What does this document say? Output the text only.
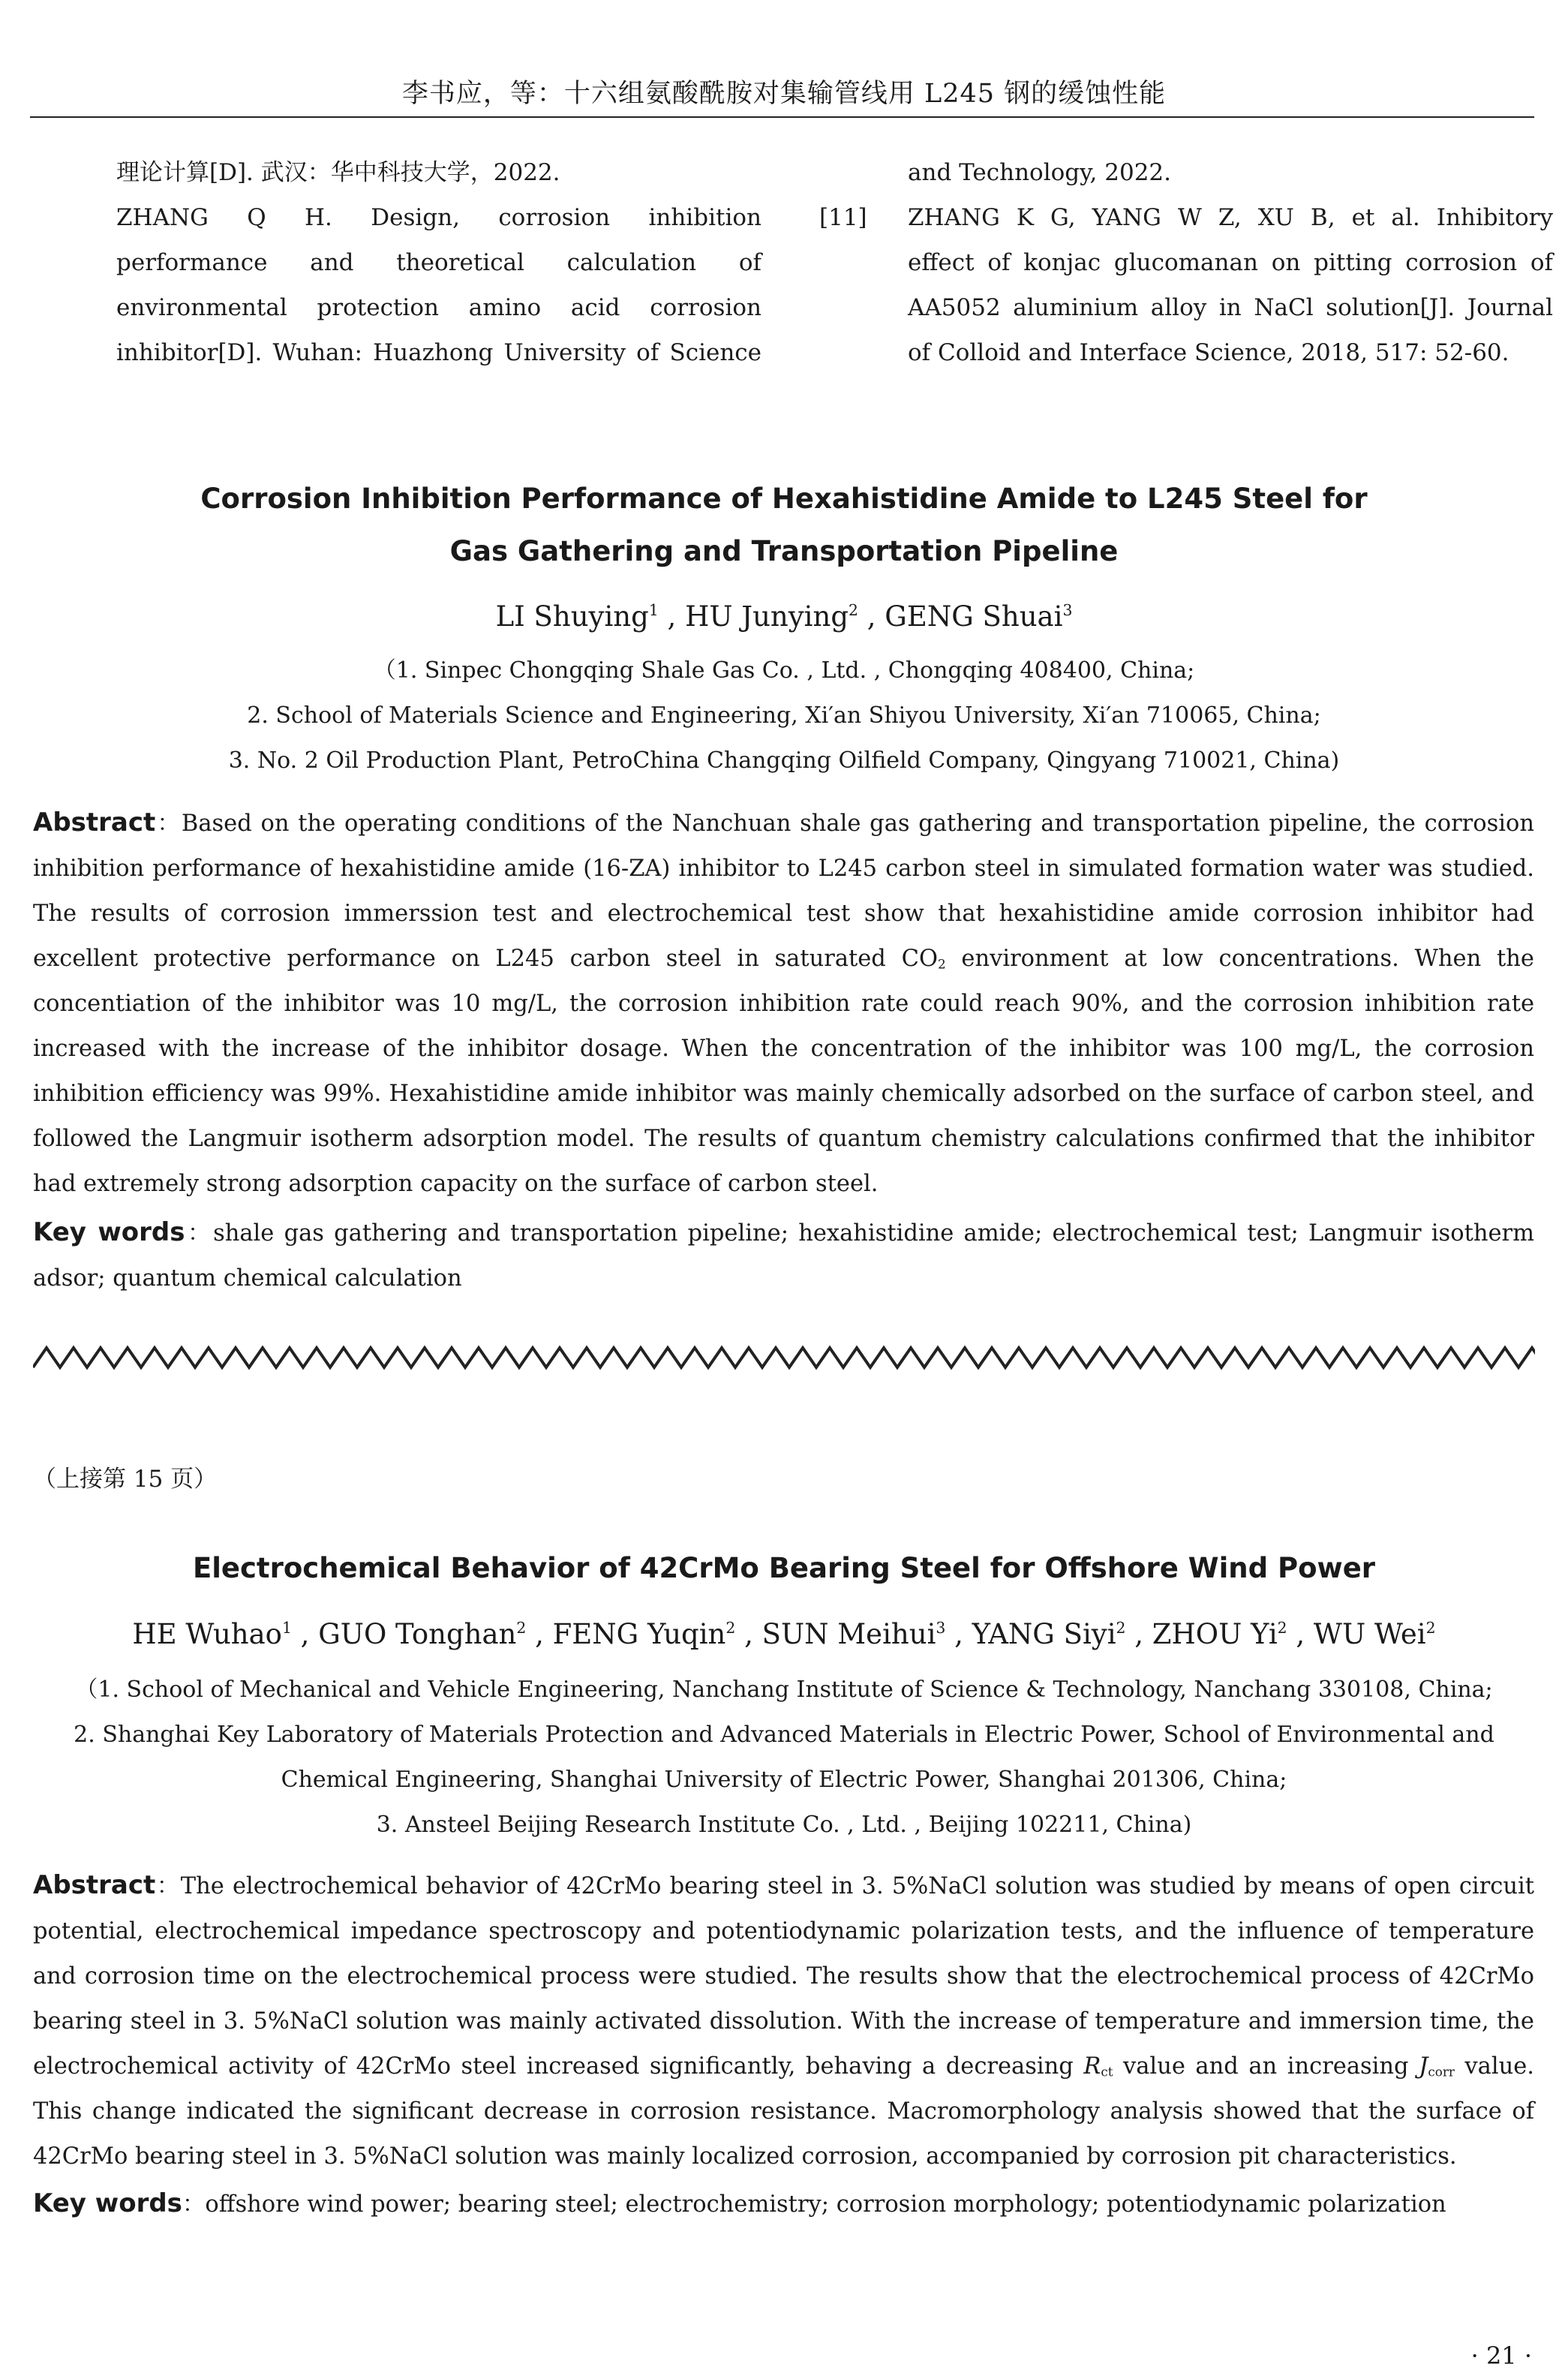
李书应，等：十六组氨酸酰胺对集输管线用 L245 钢的缓蚀性能
理论计算[D]. 武汉：华中科技大学，2022.
ZHANG Q H. Design, corrosion inhibition
performance and theoretical calculation of
environmental protection amino acid corrosion
inhibitor[D]. Wuhan: Huazhong University of Science
and Technology, 2022.
ZHANG K G, YANG W Z, XU B, et al. Inhibitory
effect of konjac glucomanan on pitting corrosion of
AA5052 aluminium alloy in NaCl solution[J]. Journal
of Colloid and Interface Science, 2018, 517: 52-60.
[11]
Corrosion Inhibition Performance of Hexahistidine Amide to L245 Steel for
Gas Gathering and Transportation Pipeline
LI Shuying$^1$ , HU Junying$^2$ , GENG Shuai$^3$
（1. Sinpec Chongqing Shale Gas Co. , Ltd. , Chongqing 408400, China;
2. School of Materials Science and Engineering, Xi′an Shiyou University, Xi′an 710065, China;
3. No. 2 Oil Production Plant, PetroChina Changqing Oilfield Company, Qingyang 710021, China)
Abstract：Based on the operating conditions of the Nanchuan shale gas gathering and transportation pipeline, the corrosion inhibition performance of hexahistidine amide (16-ZA) inhibitor to L245 carbon steel in simulated formation water was studied. The results of corrosion immerssion test and electrochemical test show that hexahistidine amide corrosion inhibitor had excellent protective performance on L245 carbon steel in saturated $CO_2$ environment at low concentrations. When the concentiation of the inhibitor was 10 mg/L, the corrosion inhibition rate could reach 90%, and the corrosion inhibition rate increased with the increase of the inhibitor dosage. When the concentration of the inhibitor was 100 mg/L, the corrosion inhibition efficiency was 99%. Hexahistidine amide inhibitor was mainly chemically adsorbed on the surface of carbon steel, and followed the Langmuir isotherm adsorption model. The results of quantum chemistry calculations confirmed that the inhibitor had extremely strong adsorption capacity on the surface of carbon steel.
Key words：shale gas gathering and transportation pipeline; hexahistidine amide; electrochemical test; Langmuir isotherm adsor; quantum chemical calculation
（上接第 15 页）
Electrochemical Behavior of 42CrMo Bearing Steel for Offshore Wind Power
HE Wuhao$^1$ , GUO Tonghan$^2$ , FENG Yuqin$^2$ , SUN Meihui$^3$ , YANG Siyi$^2$ , ZHOU Yi$^2$ , WU Wei$^2$
（1. School of Mechanical and Vehicle Engineering, Nanchang Institute of Science & Technology, Nanchang 330108, China;
2. Shanghai Key Laboratory of Materials Protection and Advanced Materials in Electric Power, School of Environmental and
Chemical Engineering, Shanghai University of Electric Power, Shanghai 201306, China;
3. Ansteel Beijing Research Institute Co. , Ltd. , Beijing 102211, China)
Abstract：The electrochemical behavior of 42CrMo bearing steel in 3. 5%NaCl solution was studied by means of open circuit potential, electrochemical impedance spectroscopy and potentiodynamic polarization tests, and the influence of temperature and corrosion time on the electrochemical process were studied. The results show that the electrochemical process of 42CrMo bearing steel in 3. 5%NaCl solution was mainly activated dissolution. With the increase of temperature and immersion time, the electrochemical activity of 42CrMo steel increased significantly, behaving a decreasing $R_{ct}$ value and an increasing $J_{corr}$ value. This change indicated the significant decrease in corrosion resistance. Macromorphology analysis showed that the surface of 42CrMo bearing steel in 3. 5%NaCl solution was mainly localized corrosion, accompanied by corrosion pit characteristics.
Key words：offshore wind power; bearing steel; electrochemistry; corrosion morphology; potentiodynamic polarization
· 21 ·
